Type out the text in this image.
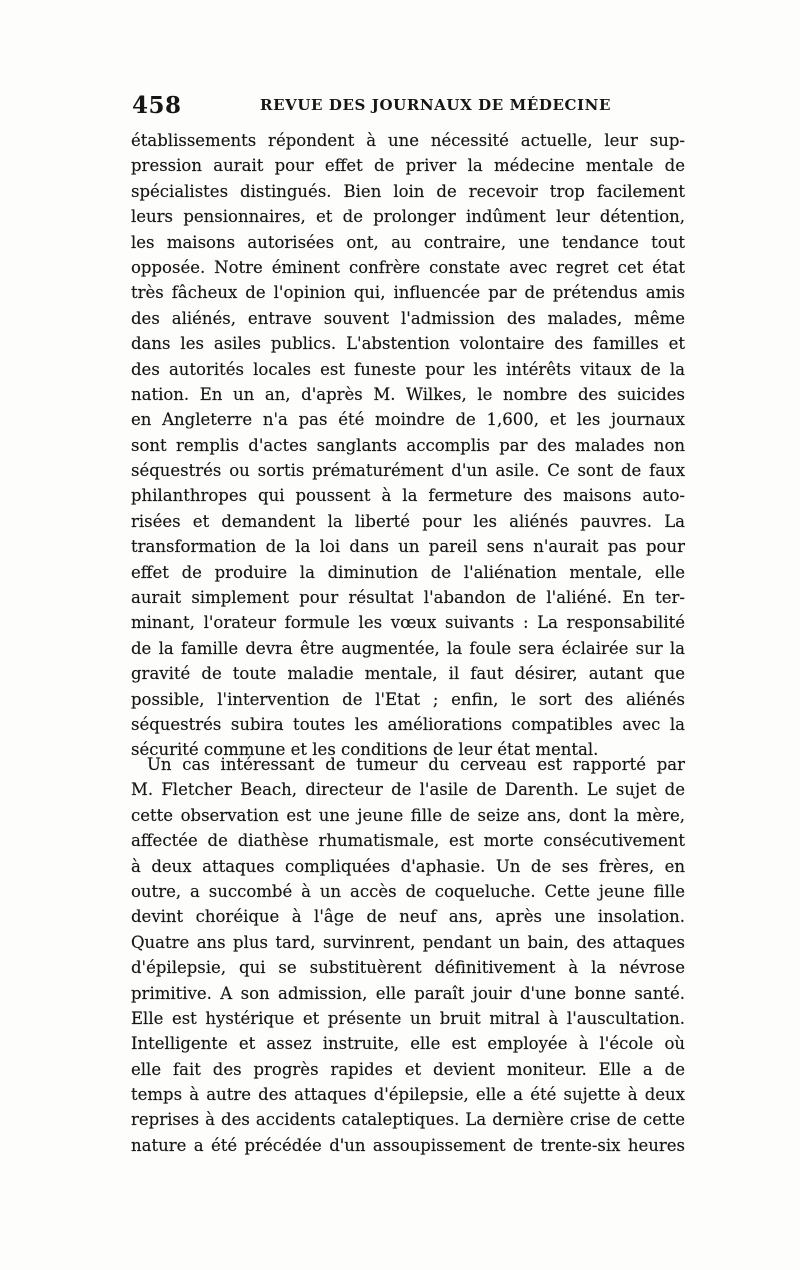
458	REVUE DES JOURNAUX DE MÉDECINE
établissements répondent à une nécessité actuelle, leur sup-
pression aurait pour effet de priver la médecine mentale de
spécialistes distingués. Bien loin de recevoir trop facilement
leurs pensionnaires, et de prolonger indûment leur détention,
les maisons autorisées ont, au contraire, une tendance tout
opposée. Notre éminent confrère constate avec regret cet état
très fâcheux de l'opinion qui, influencée par de prétendus amis
des aliénés, entrave souvent l'admission des malades, même
dans les asiles publics. L'abstention volontaire des familles et
des autorités locales est funeste pour les intérêts vitaux de la
nation. En un an, d'après M. Wilkes, le nombre des suicides
en Angleterre n'a pas été moindre de 1,600, et les journaux
sont remplis d'actes sanglants accomplis par des malades non
séquestrés ou sortis prématurément d'un asile. Ce sont de faux
philanthropes qui poussent à la fermeture des maisons auto-
risées et demandent la liberté pour les aliénés pauvres. La
transformation de la loi dans un pareil sens n'aurait pas pour
effet de produire la diminution de l'aliénation mentale, elle
aurait simplement pour résultat l'abandon de l'aliéné. En ter-
minant, l'orateur formule les vœux suivants : La responsabilité
de la famille devra être augmentée, la foule sera éclairée sur la
gravité de toute maladie mentale, il faut désirer, autant que
possible, l'intervention de l'Etat ; enfin, le sort des aliénés
séquestrés subira toutes les améliorations compatibles avec la
sécurité commune et les conditions de leur état mental.
Un cas intéressant de tumeur du cerveau est rapporté par
M. Fletcher Beach, directeur de l'asile de Darenth. Le sujet de
cette observation est une jeune fille de seize ans, dont la mère,
affectée de diathèse rhumatismale, est morte consécutivement
à deux attaques compliquées d'aphasie. Un de ses frères, en
outre, a succombé à un accès de coqueluche. Cette jeune fille
devint choréique à l'âge de neuf ans, après une insolation.
Quatre ans plus tard, survinrent, pendant un bain, des attaques
d'épilepsie, qui se substituèrent définitivement à la névrose
primitive. A son admission, elle paraît jouir d'une bonne santé.
Elle est hystérique et présente un bruit mitral à l'auscultation.
Intelligente et assez instruite, elle est employée à l'école où
elle fait des progrès rapides et devient moniteur. Elle a de
temps à autre des attaques d'épilepsie, elle a été sujette à deux
reprises à des accidents cataleptiques. La dernière crise de cette
nature a été précédée d'un assoupissement de trente-six heures
